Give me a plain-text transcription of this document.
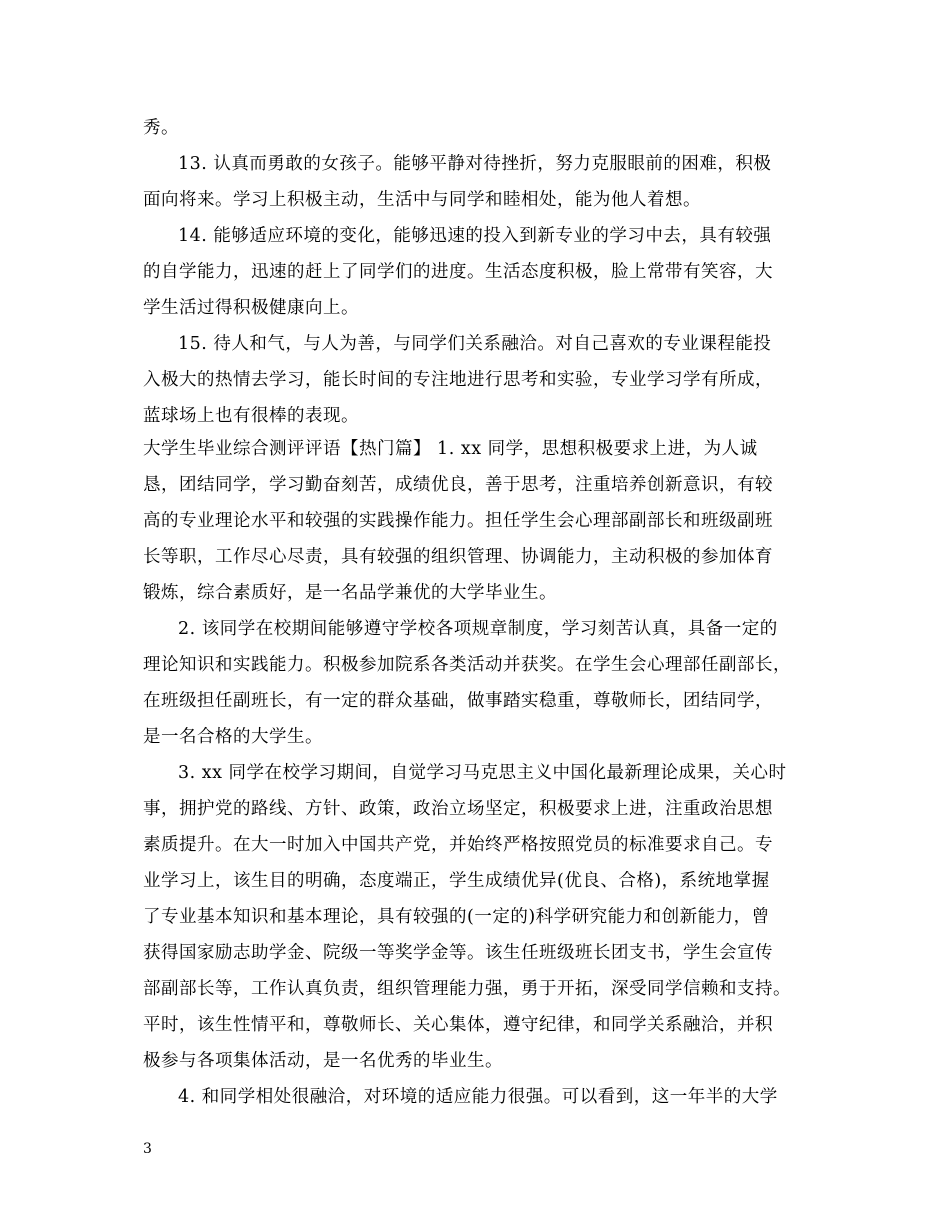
秀。
13. 认真而勇敢的女孩子。能够平静对待挫折，努力克服眼前的困难，积极
面向将来。学习上积极主动，生活中与同学和睦相处，能为他人着想。
14. 能够适应环境的变化，能够迅速的投入到新专业的学习中去，具有较强
的自学能力，迅速的赶上了同学们的进度。生活态度积极，脸上常带有笑容，大
学生活过得积极健康向上。
15. 待人和气，与人为善，与同学们关系融洽。对自己喜欢的专业课程能投
入极大的热情去学习，能长时间的专注地进行思考和实验，专业学习学有所成，
蓝球场上也有很棒的表现。
大学生毕业综合测评评语【热门篇】 1. xx 同学，思想积极要求上进，为人诚
恳，团结同学，学习勤奋刻苦，成绩优良，善于思考，注重培养创新意识，有较
高的专业理论水平和较强的实践操作能力。担任学生会心理部副部长和班级副班
长等职，工作尽心尽责，具有较强的组织管理、协调能力，主动积极的参加体育
锻炼，综合素质好，是一名品学兼优的大学毕业生。
2. 该同学在校期间能够遵守学校各项规章制度，学习刻苦认真，具备一定的
理论知识和实践能力。积极参加院系各类活动并获奖。在学生会心理部任副部长，
在班级担任副班长，有一定的群众基础，做事踏实稳重，尊敬师长，团结同学，
是一名合格的大学生。
3. xx 同学在校学习期间，自觉学习马克思主义中国化最新理论成果，关心时
事，拥护党的路线、方针、政策，政治立场坚定，积极要求上进，注重政治思想
素质提升。在大一时加入中国共产党，并始终严格按照党员的标准要求自己。专
业学习上，该生目的明确，态度端正，学生成绩优异(优良、合格)，系统地掌握
了专业基本知识和基本理论，具有较强的(一定的)科学研究能力和创新能力，曾
获得国家励志助学金、院级一等奖学金等。该生任班级班长团支书，学生会宣传
部副部长等，工作认真负责，组织管理能力强，勇于开拓，深受同学信赖和支持。
平时，该生性情平和，尊敬师长、关心集体，遵守纪律，和同学关系融洽，并积
极参与各项集体活动，是一名优秀的毕业生。
4. 和同学相处很融洽，对环境的适应能力很强。可以看到，这一年半的大学
3
